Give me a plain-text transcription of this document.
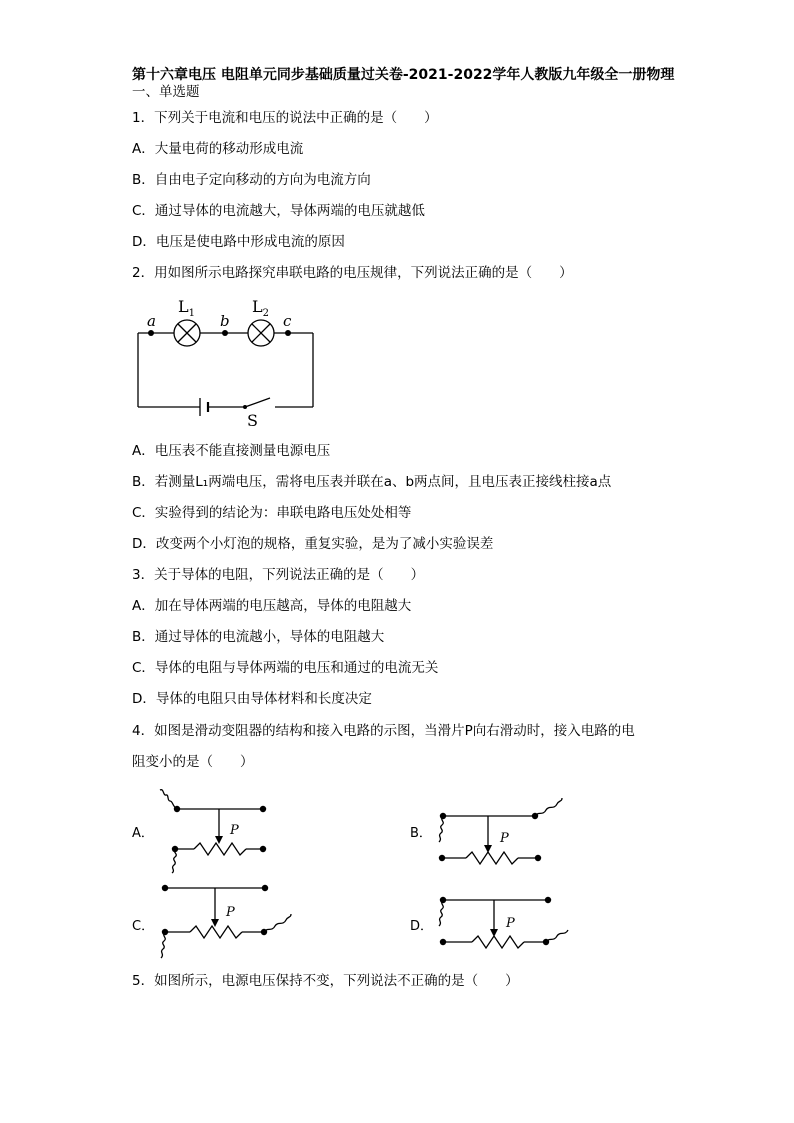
第十六章电压 电阻单元同步基础质量过关卷-2021-2022学年人教版九年级全一册物理
一、单选题
1．下列关于电流和电压的说法中正确的是（　　）
A．大量电荷的移动形成电流
B．自由电子定向移动的方向为电流方向
C．通过导体的电流越大，导体两端的电压就越低
D．电压是使电路中形成电流的原因
2．用如图所示电路探究串联电路的电压规律，下列说法正确的是（　　）
a	b	c
$L_1$	$L_2$
S
A．电压表不能直接测量电源电压
B．若测量L₁两端电压，需将电压表并联在a、b两点间，且电压表正接线柱接a点
C．实验得到的结论为：串联电路电压处处相等
D．改变两个小灯泡的规格，重复实验，是为了减小实验误差
3．关于导体的电阻，下列说法正确的是（　　）
A．加在导体两端的电压越高，导体的电阻越大
B．通过导体的电流越小，导体的电阻越大
C．导体的电阻与导体两端的电压和通过的电流无关
D．导体的电阻只由导体材料和长度决定
4．如图是滑动变阻器的结构和接入电路的示图，当滑片P向右滑动时，接入电路的电
阻变小的是（　　）
A．	P	B．	P
C．
P
D．	P
5．如图所示，电源电压保持不变，下列说法不正确的是（　　）
